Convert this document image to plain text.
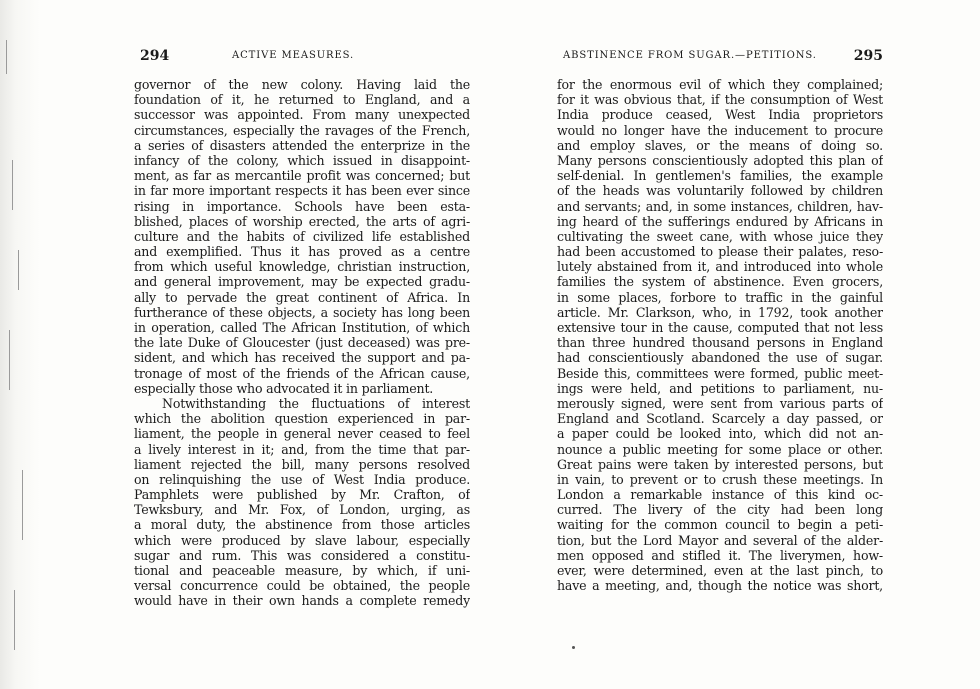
294	ACTIVE MEASURES.
governor of the new colony. Having laid the
foundation of it, he returned to England, and a
successor was appointed. From many unexpected
circumstances, especially the ravages of the French,
a series of disasters attended the enterprize in the
infancy of the colony, which issued in disappoint-
ment, as far as mercantile profit was concerned; but
in far more important respects it has been ever since
rising in importance. Schools have been esta-
blished, places of worship erected, the arts of agri-
culture and the habits of civilized life established
and exemplified. Thus it has proved as a centre
from which useful knowledge, christian instruction,
and general improvement, may be expected gradu-
ally to pervade the great continent of Africa. In
furtherance of these objects, a society has long been
in operation, called The African Institution, of which
the late Duke of Gloucester (just deceased) was pre-
sident, and which has received the support and pa-
tronage of most of the friends of the African cause,
especially those who advocated it in parliament.
Notwithstanding the fluctuations of interest
which the abolition question experienced in par-
liament, the people in general never ceased to feel
a lively interest in it; and, from the time that par-
liament rejected the bill, many persons resolved
on relinquishing the use of West India produce.
Pamphlets were published by Mr. Crafton, of
Tewksbury, and Mr. Fox, of London, urging, as
a moral duty, the abstinence from those articles
which were produced by slave labour, especially
sugar and rum. This was considered a constitu-
tional and peaceable measure, by which, if uni-
versal concurrence could be obtained, the people
would have in their own hands a complete remedy
ABSTINENCE FROM SUGAR.—PETITIONS.	295
for the enormous evil of which they complained;
for it was obvious that, if the consumption of West
India produce ceased, West India proprietors
would no longer have the inducement to procure
and employ slaves, or the means of doing so.
Many persons conscientiously adopted this plan of
self-denial. In gentlemen's families, the example
of the heads was voluntarily followed by children
and servants; and, in some instances, children, hav-
ing heard of the sufferings endured by Africans in
cultivating the sweet cane, with whose juice they
had been accustomed to please their palates, reso-
lutely abstained from it, and introduced into whole
families the system of abstinence. Even grocers,
in some places, forbore to traffic in the gainful
article. Mr. Clarkson, who, in 1792, took another
extensive tour in the cause, computed that not less
than three hundred thousand persons in England
had conscientiously abandoned the use of sugar.
Beside this, committees were formed, public meet-
ings were held, and petitions to parliament, nu-
merously signed, were sent from various parts of
England and Scotland. Scarcely a day passed, or
a paper could be looked into, which did not an-
nounce a public meeting for some place or other.
Great pains were taken by interested persons, but
in vain, to prevent or to crush these meetings. In
London a remarkable instance of this kind oc-
curred. The livery of the city had been long
waiting for the common council to begin a peti-
tion, but the Lord Mayor and several of the alder-
men opposed and stifled it. The liverymen, how-
ever, were determined, even at the last pinch, to
have a meeting, and, though the notice was short,
